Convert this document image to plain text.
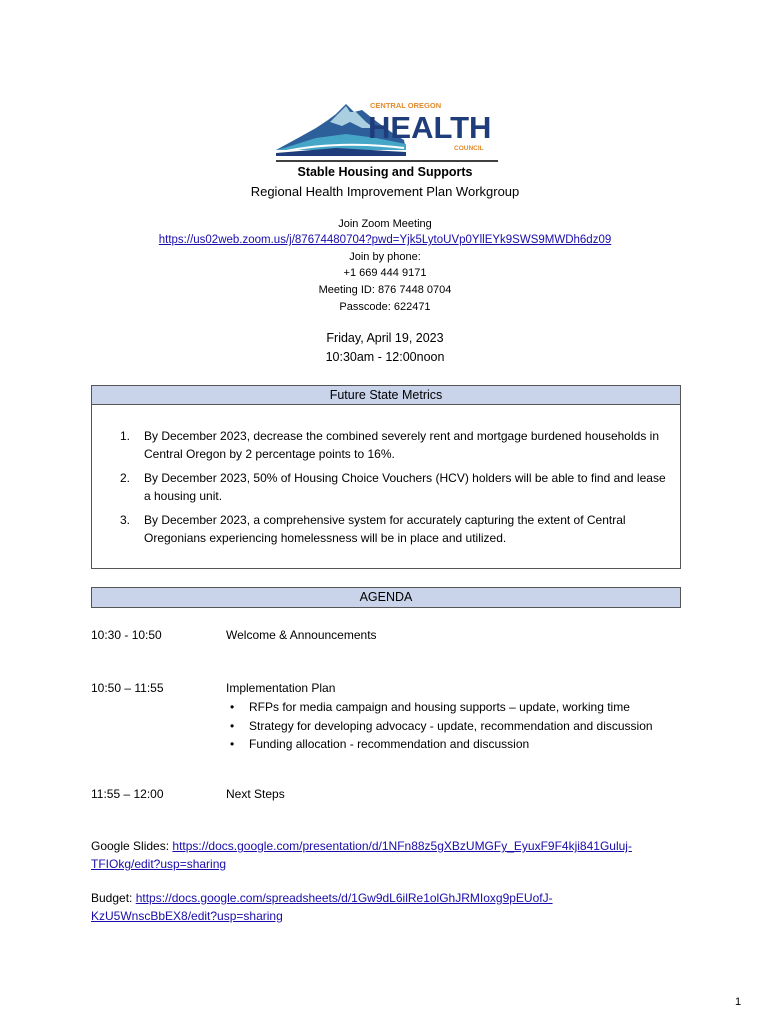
CENTRAL OREGON
HEALTH
COUNCIL
Stable Housing and Supports
Regional Health Improvement Plan Workgroup
Join Zoom Meeting
https://us02web.zoom.us/j/87674480704?pwd=Yjk5LytoUVp0YllEYk9SWS9MWDh6dz09
Join by phone:
+1 669 444 9171
Meeting ID: 876 7448 0704
Passcode: 622471
Friday, April 19, 2023
10:30am - 12:00noon
Future State Metrics
1. By December 2023, decrease the combined severely rent and mortgage burdened households in Central Oregon by 2 percentage points to 16%.
2. By December 2023, 50% of Housing Choice Vouchers (HCV) holders will be able to find and lease a housing unit.
3. By December 2023, a comprehensive system for accurately capturing the extent of Central Oregonians experiencing homelessness will be in place and utilized.
AGENDA
10:30 - 10:50	Welcome & Announcements
10:50 – 11:55	Implementation Plan
• RFPs for media campaign and housing supports – update, working time
• Strategy for developing advocacy - update, recommendation and discussion
• Funding allocation - recommendation and discussion
11:55 – 12:00	Next Steps
Google Slides: https://docs.google.com/presentation/d/1NFn88z5gXBzUMGFy_EyuxF9F4kji841Guluj-
TFIOkg/edit?usp=sharing
Budget: https://docs.google.com/spreadsheets/d/1Gw9dL6ilRe1olGhJRMIoxg9pEUofJ-
KzU5WnscBbEX8/edit?usp=sharing
1
